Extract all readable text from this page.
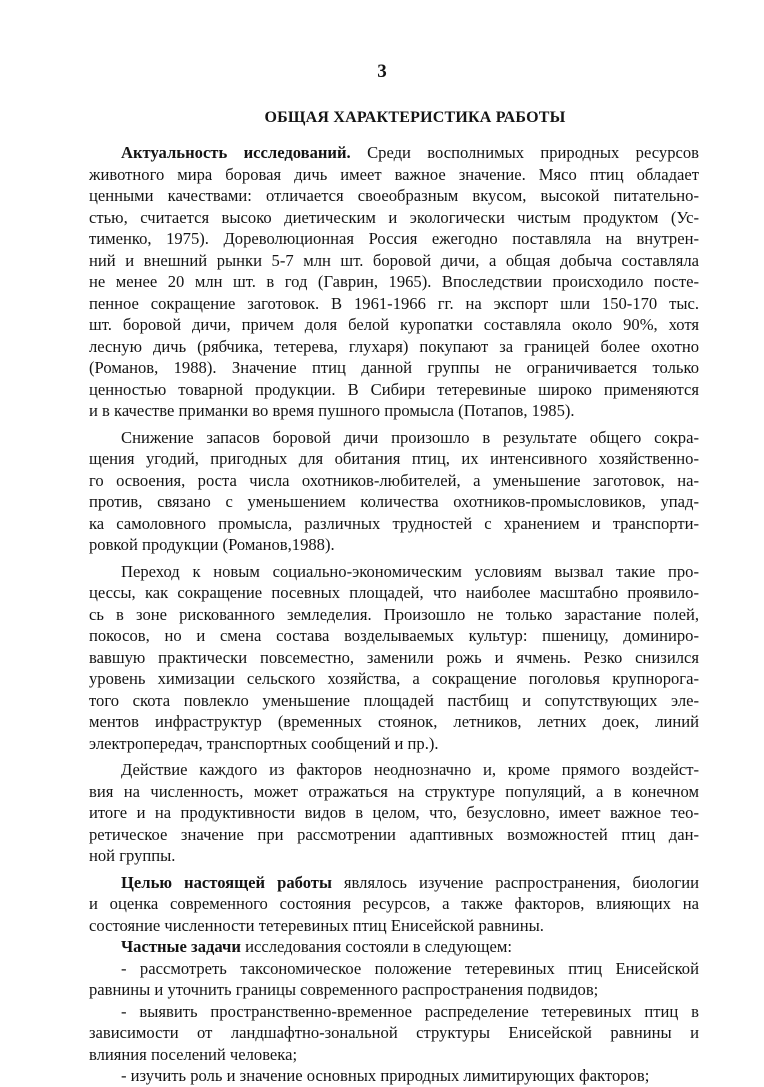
3
ОБЩАЯ ХАРАКТЕРИСТИКА РАБОТЫ
Актуальность исследований. Среди восполнимых природных ресурсов
животного мира боровая дичь имеет важное значение. Мясо птиц обладает
ценными качествами: отличается своеобразным вкусом, высокой питательно-
стью, считается высоко диетическим и экологически чистым продуктом (Ус-
тименко, 1975). Дореволюционная Россия ежегодно поставляла на внутрен-
ний и внешний рынки 5-7 млн шт. боровой дичи, а общая добыча составляла
не менее 20 млн шт. в год (Гаврин, 1965). Впоследствии происходило посте-
пенное сокращение заготовок. В 1961-1966 гг. на экспорт шли 150-170 тыс.
шт. боровой дичи, причем доля белой куропатки составляла около 90%, хотя
лесную дичь (рябчика, тетерева, глухаря) покупают за границей более охотно
(Романов, 1988). Значение птиц данной группы не ограничивается только
ценностью товарной продукции. В Сибири тетеревиные широко применяются
и в качестве приманки во время пушного промысла (Потапов, 1985).
Снижение запасов боровой дичи произошло в результате общего сокра-
щения угодий, пригодных для обитания птиц, их интенсивного хозяйственно-
го освоения, роста числа охотников-любителей, а уменьшение заготовок, на-
против, связано с уменьшением количества охотников-промысловиков, упад-
ка самоловного промысла, различных трудностей с хранением и транспорти-
ровкой продукции (Романов,1988).
Переход к новым социально-экономическим условиям вызвал такие про-
цессы, как сокращение посевных площадей, что наиболее масштабно проявило-
сь в зоне рискованного земледелия. Произошло не только зарастание полей,
покосов, но и смена состава возделываемых культур: пшеницу, доминиро-
вавшую практически повсеместно, заменили рожь и ячмень. Резко снизился
уровень химизации сельского хозяйства, а сокращение поголовья крупнорога-
того скота повлекло уменьшение площадей пастбищ и сопутствующих эле-
ментов инфраструктур (временных стоянок, летников, летних доек, линий
электропередач, транспортных сообщений и пр.).
Действие каждого из факторов неоднозначно и, кроме прямого воздейст-
вия на численность, может отражаться на структуре популяций, а в конечном
итоге и на продуктивности видов в целом, что, безусловно, имеет важное тео-
ретическое значение при рассмотрении адаптивных возможностей птиц дан-
ной группы.
Целью настоящей работы являлось изучение распространения, биологии
и оценка современного состояния ресурсов, а также факторов, влияющих на
состояние численности тетеревиных птиц Енисейской равнины.
Частные задачи исследования состояли в следующем:
- рассмотреть таксономическое положение тетеревиных птиц Енисейской
равнины и уточнить границы современного распространения подвидов;
- выявить пространственно-временное распределение тетеревиных птиц в
зависимости от ландшафтно-зональной структуры Енисейской равнины и
влияния поселений человека;
- изучить роль и значение основных природных лимитирующих факторов;
